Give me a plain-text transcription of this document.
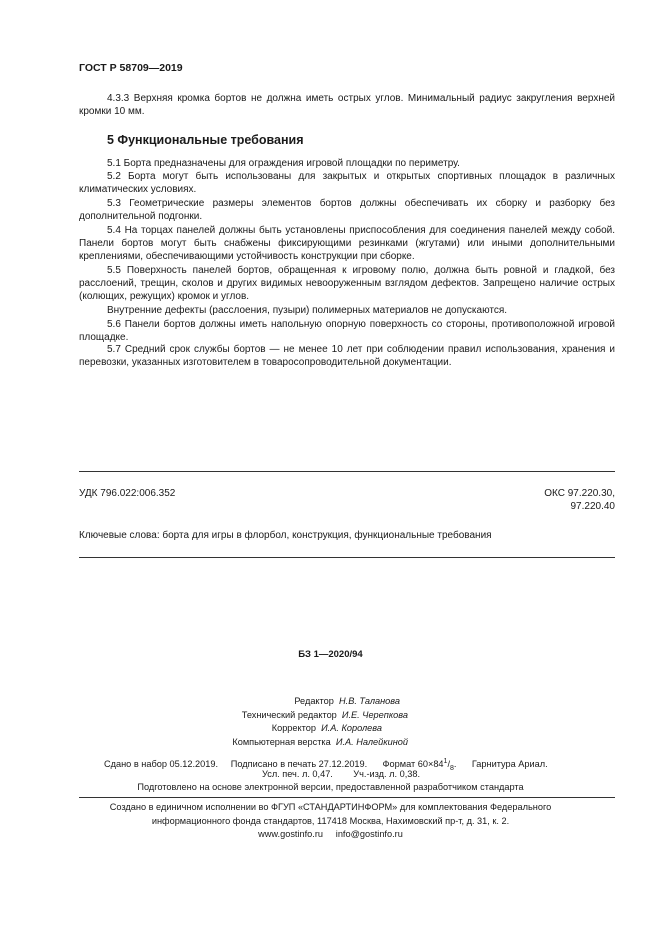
ГОСТ Р 58709—2019

4.3.3 Верхняя кромка бортов не должна иметь острых углов. Минимальный радиус закругления верхней кромки 10 мм.

5 Функциональные требования

5.1 Борта предназначены для ограждения игровой площадки по периметру.

5.2 Борта могут быть использованы для закрытых и открытых спортивных площадок в различных климатических условиях.

5.3 Геометрические размеры элементов бортов должны обеспечивать их сборку и разборку без дополнительной подгонки.

5.4 На торцах панелей должны быть установлены приспособления для соединения панелей между собой. Панели бортов могут быть снабжены фиксирующими резинками (жгутами) или иными дополнительными креплениями, обеспечивающими устойчивость конструкции при сборке.

5.5 Поверхность панелей бортов, обращенная к игровому полю, должна быть ровной и гладкой, без расслоений, трещин, сколов и других видимых невооруженным взглядом дефектов. Запрещено наличие острых (колющих, режущих) кромок и углов.

Внутренние дефекты (расслоения, пузыри) полимерных материалов не допускаются.

5.6 Панели бортов должны иметь напольную опорную поверхность со стороны, противоположной игровой площадке.

5.7 Средний срок службы бортов — не менее 10 лет при соблюдении правил использования, хранения и перевозки, указанных изготовителем в товаросопроводительной документации.

УДК 796.022:006.352	ОКС 97.220.30,
97.220.40
Ключевые слова: борта для игры в флорбол, конструкция, функциональные требования
БЗ 1—2020/94
Редактор Н.В. Таланова
Технический редактор И.Е. Черепкова
Корректор И.А. Королева
Компьютерная верстка И.А. Налейкиной
Сдано в набор 05.12.2019. Подписано в печать 27.12.2019. Формат $60\times 84^1/_8$. Гарнитура Ариал.
Усл. печ. л. 0,47. Уч.-изд. л. 0,38.
Подготовлено на основе электронной версии, предоставленной разработчиком стандарта
Создано в единичном исполнении во ФГУП «СТАНДАРТИНФОРМ» для комплектования Федерального
информационного фонда стандартов, 117418 Москва, Нахимовский пр-т, д. 31, к. 2.
www.gostinfo.ru info@gostinfo.ru
